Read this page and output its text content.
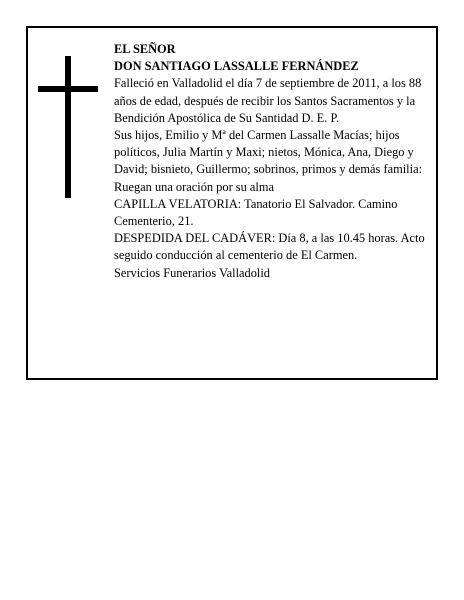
EL SEÑOR

DON SANTIAGO LASSALLE FERNÁNDEZ

Falleció en Valladolid el día 7 de septiembre de 2011, a los 88 años de edad, después de recibir los Santos Sacramentos y la Bendición Apostólica de Su Santidad D. E. P.

Sus hijos, Emilio y Mª del Carmen Lassalle Macías; hijos políticos, Julia Martín y Maxi; nietos, Mónica, Ana, Diego y David; bisnieto, Guillermo; sobrinos, primos y demás familia:

Ruegan una oración por su alma

CAPILLA VELATORIA: Tanatorio El Salvador. Camino Cementerio, 21.

DESPEDIDA DEL CADÁVER: Día 8, a las 10.45 horas. Acto seguido conducción al cementerio de El Carmen.

Servicios Funerarios Valladolid
